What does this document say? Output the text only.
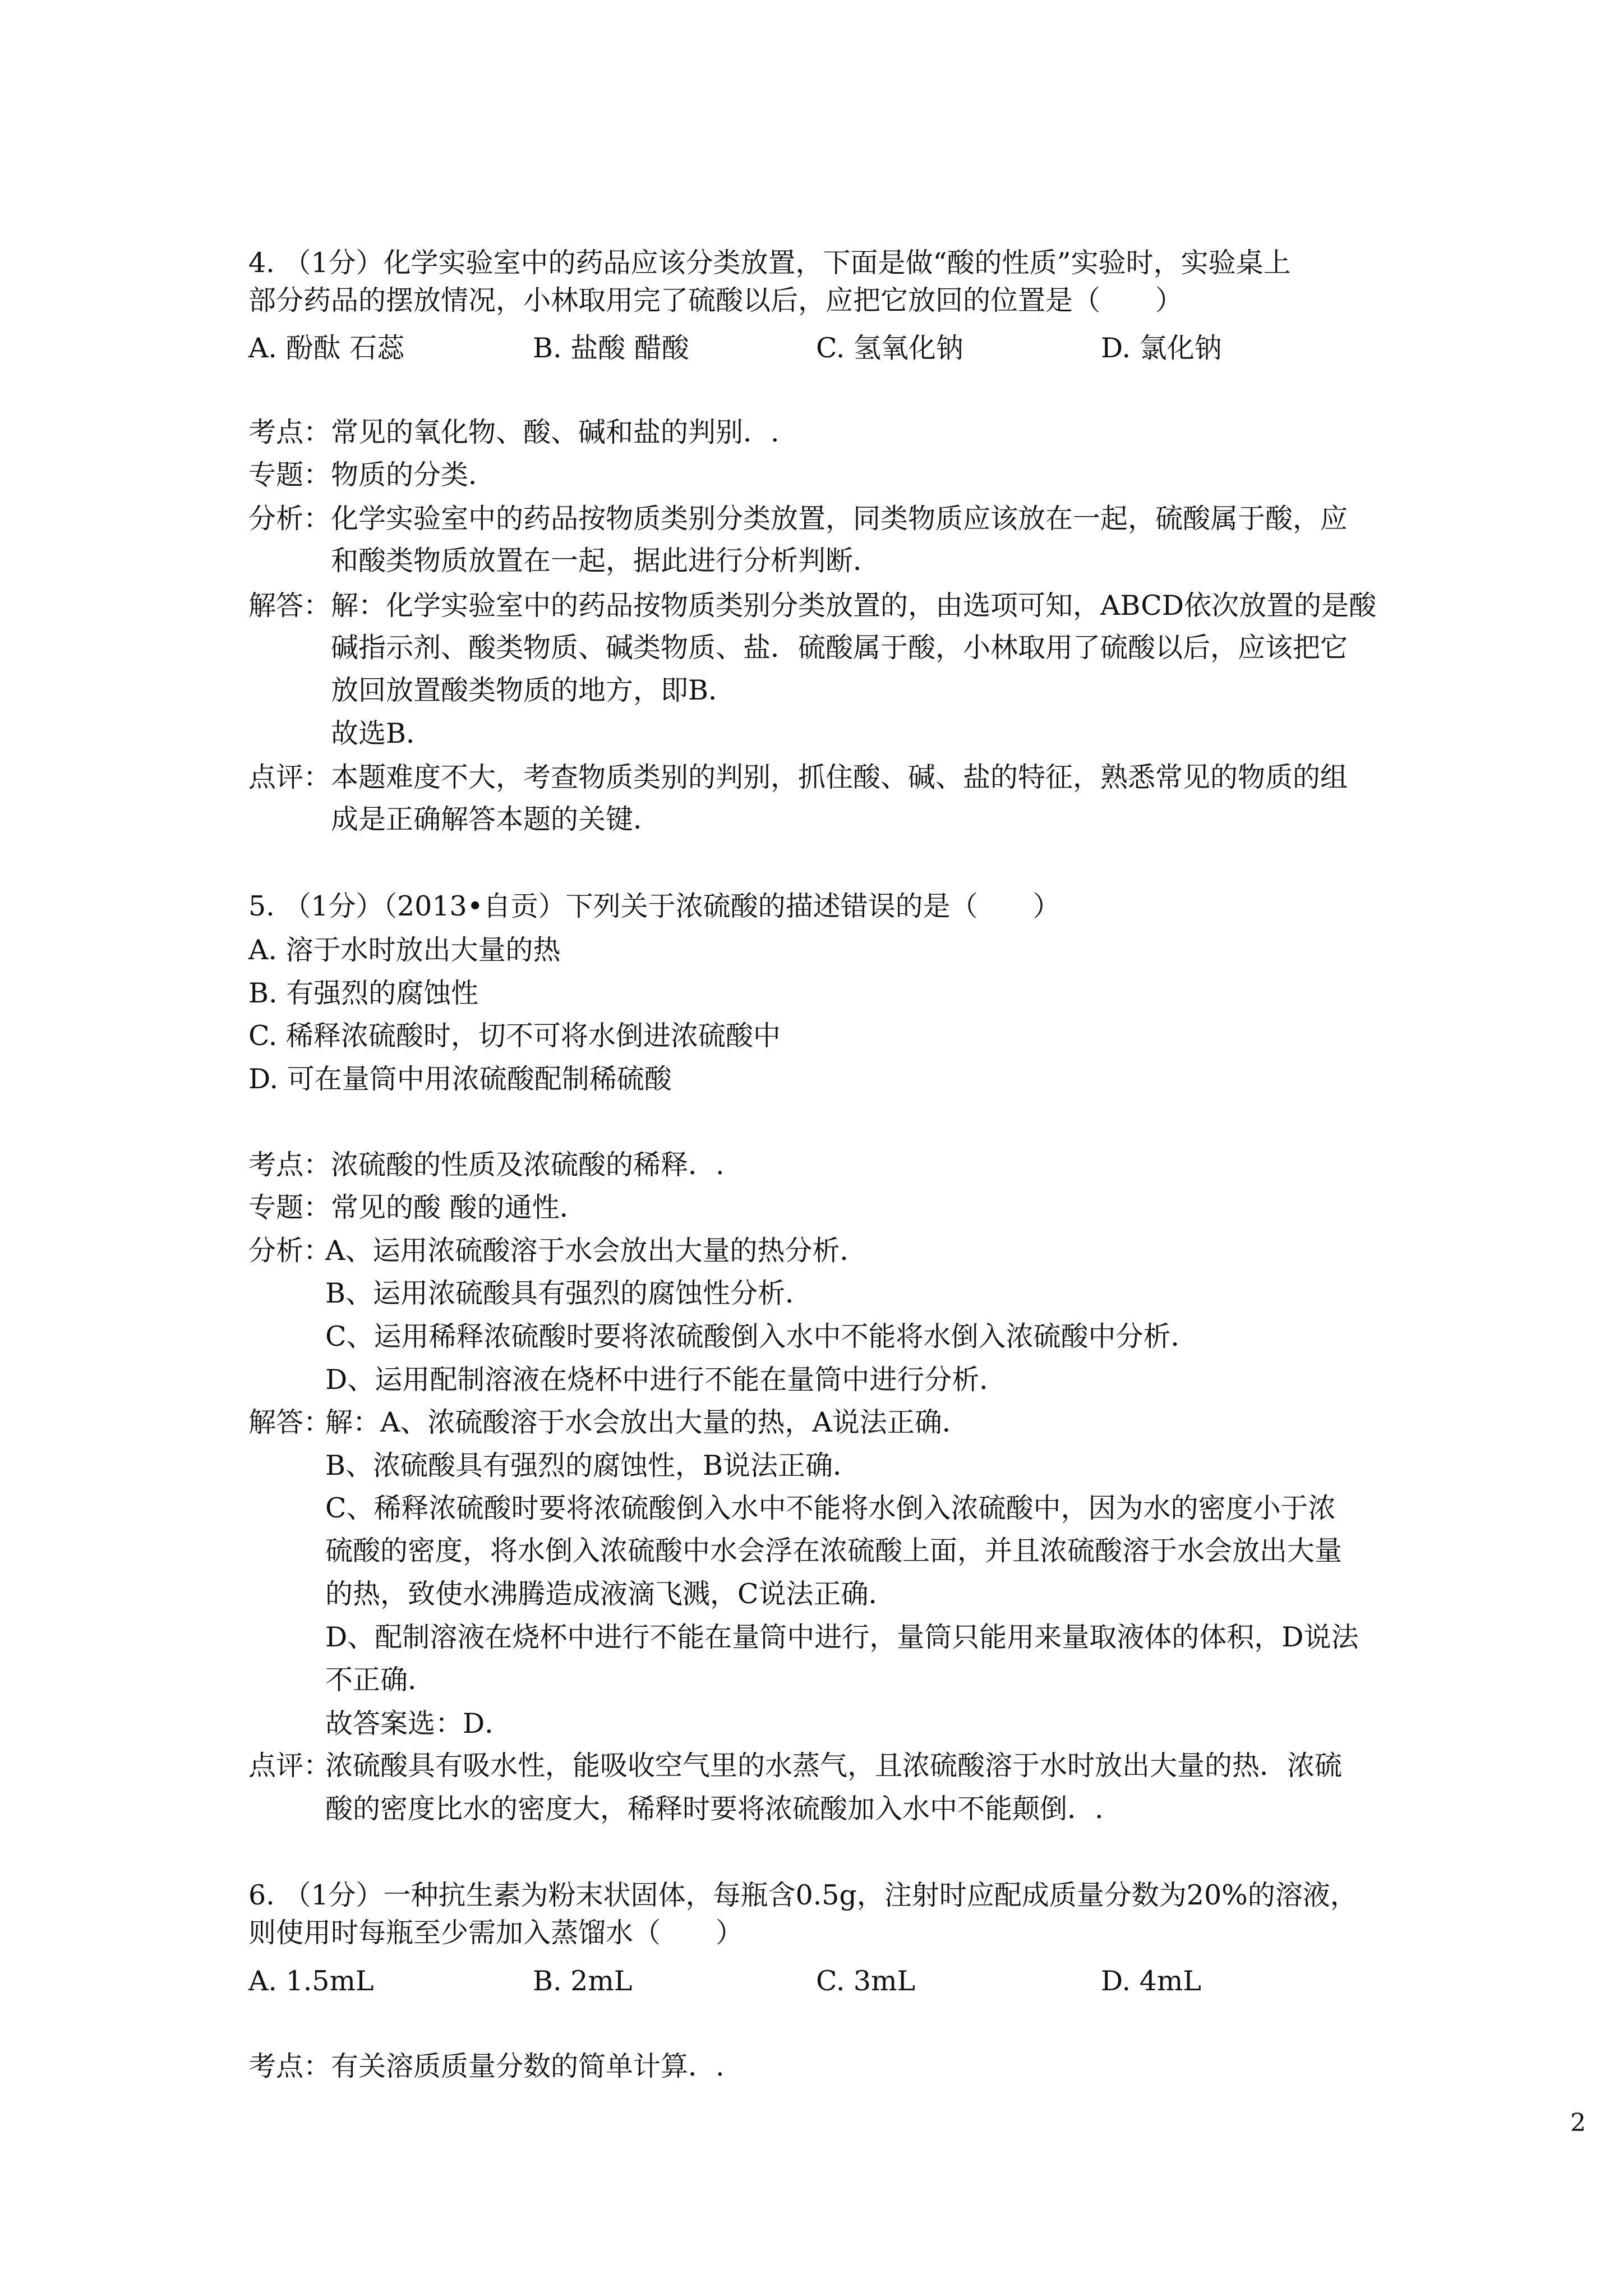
4. （1分）化学实验室中的药品应该分类放置，下面是做“酸的性质”实验时，实验桌上
部分药品的摆放情况，小林取用完了硫酸以后，应把它放回的位置是（　　）
A. 酚酞 石蕊	B. 盐酸 醋酸	C. 氢氧化钠	D. 氯化钠
考点： 常见的氧化物、酸、碱和盐的判别．.
专题： 物质的分类．
分析： 化学实验室中的药品按物质类别分类放置，同类物质应该放在一起，硫酸属于酸，应
和酸类物质放置在一起，据此进行分析判断．
解答： 解：化学实验室中的药品按物质类别分类放置的，由选项可知，ABCD依次放置的是酸
碱指示剂、酸类物质、碱类物质、盐．硫酸属于酸，小林取用了硫酸以后，应该把它
放回放置酸类物质的地方，即B．
故选B．
点评： 本题难度不大，考查物质类别的判别，抓住酸、碱、盐的特征，熟悉常见的物质的组
成是正确解答本题的关键．
5. （1分）（2013•自贡）下列关于浓硫酸的描述错误的是（　　）
A. 溶于水时放出大量的热
B. 有强烈的腐蚀性
C. 稀释浓硫酸时，切不可将水倒进浓硫酸中
D. 可在量筒中用浓硫酸配制稀硫酸
考点： 浓硫酸的性质及浓硫酸的稀释．.
专题： 常见的酸 酸的通性．
分析：
A、运用浓硫酸溶于水会放出大量的热分析．
B、运用浓硫酸具有强烈的腐蚀性分析．
C、运用稀释浓硫酸时要将浓硫酸倒入水中不能将水倒入浓硫酸中分析．
D、运用配制溶液在烧杯中进行不能在量筒中进行分析．
解答：
解：A、浓硫酸溶于水会放出大量的热，A说法正确．
B、浓硫酸具有强烈的腐蚀性，B说法正确．
C、稀释浓硫酸时要将浓硫酸倒入水中不能将水倒入浓硫酸中，因为水的密度小于浓
硫酸的密度，将水倒入浓硫酸中水会浮在浓硫酸上面，并且浓硫酸溶于水会放出大量
的热，致使水沸腾造成液滴飞溅，C说法正确．
D、配制溶液在烧杯中进行不能在量筒中进行，量筒只能用来量取液体的体积，D说法
不正确．
故答案选：D．
点评：
浓硫酸具有吸水性，能吸收空气里的水蒸气，且浓硫酸溶于水时放出大量的热．浓硫
酸的密度比水的密度大，稀释时要将浓硫酸加入水中不能颠倒．.
6. （1分）一种抗生素为粉末状固体，每瓶含0.5g，注射时应配成质量分数为20%的溶液，
则使用时每瓶至少需加入蒸馏水（　　）
A. 1.5mL	B. 2mL	C. 3mL	D. 4mL
考点： 有关溶质质量分数的简单计算．.
2
